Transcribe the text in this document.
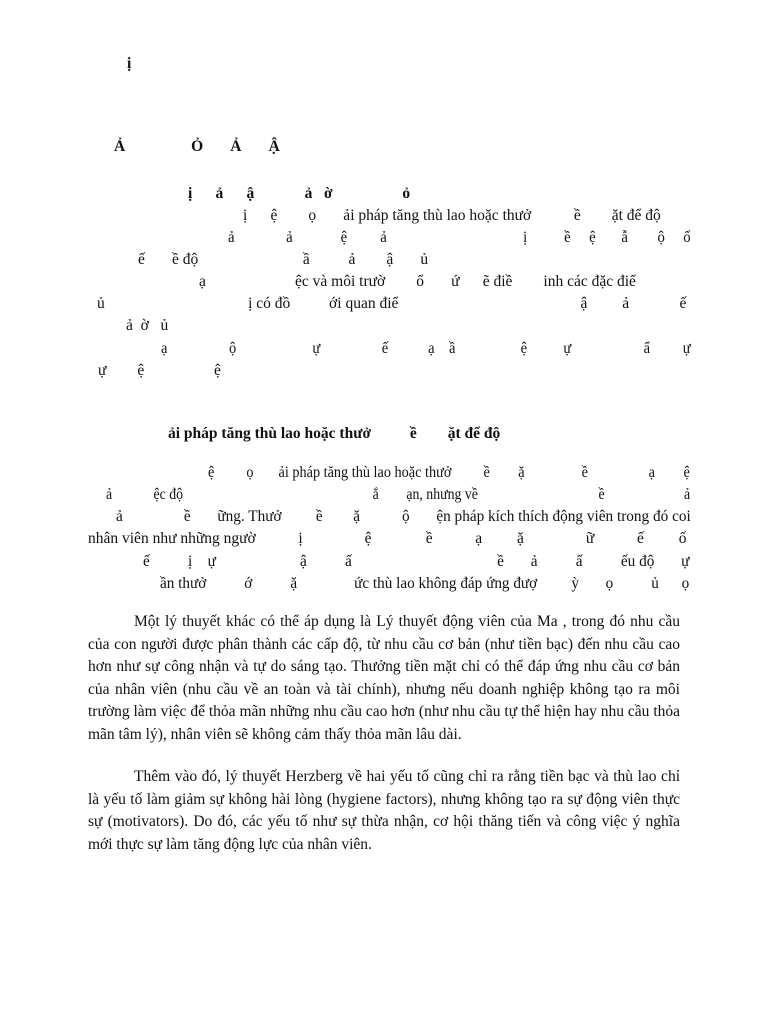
ị
Ả                 Ỏ       Ả       Ậ
ị      ả      ậ             ả   ờ                  ỏ
ị      ệ        ọ       ải pháp tăng thù lao hoặc thưở           ề        ặt để độ
ả              ả             ệ         ả                                     ị          ề     ệ       ẫ        ộ     ố
ế       ề độ                           ầ          ả        ậ       ủ
ạ                       ệc và môi trườ        ổ       ứ      ẽ điề        inh các đặc điể
ủ                                     ị có đồ          ới quan điể                                               ậ         ả             ế
ả  ờ   ủ
ạ                 ộ                     ự                 ế           ạ    ầ                  ệ          ự                    ẩ         ự
ự        ệ                  ệ
ải pháp tăng thù lao hoặc thưở          ề        ặt để độ
ệ         ọ       ải pháp tăng thù lao hoặc thưở         ề        ặ                ề                 ạ        ệ
ả            ệc độ                                                       ắ        ạn, nhưng về                                   ề                       ả
ả                ề       ững. Thưở         ề        ặ           ộ       ện pháp kích thích động viên trong đó coi
nhân viên như những ngườ           ị                ệ              ề           ạ         ặ                ữ           ế         ố
ế          ị    ự                      ậ          ấ                                      ề       ả          ấ          ếu độ       ự
ần thưở          ớ          ặ               ức thù lao không đáp ứng đượ         ỳ       ọ          ủ      ọ

Một lý thuyết khác có thể áp dụng là Lý thuyết động viên của Ma , trong đó nhu cầu của con người được phân thành các cấp độ, từ nhu cầu cơ bản (như tiền bạc) đến nhu cầu cao hơn như sự công nhận và tự do sáng tạo. Thưởng tiền mặt chỉ có thể đáp ứng nhu cầu cơ bản của nhân viên (nhu cầu về an toàn và tài chính), nhưng nếu doanh nghiệp không tạo ra môi trường làm việc để thỏa mãn những nhu cầu cao hơn (như nhu cầu tự thể hiện hay nhu cầu thỏa mãn tâm lý), nhân viên sẽ không cảm thấy thỏa mãn lâu dài.

Thêm vào đó, lý thuyết Herzberg về hai yếu tố cũng chỉ ra rằng tiền bạc và thù lao chỉ là yếu tố làm giảm sự không hài lòng (hygiene factors), nhưng không tạo ra sự động viên thực sự (motivators). Do đó, các yếu tố như sự thừa nhận, cơ hội thăng tiến và công việc ý nghĩa mới thực sự làm tăng động lực của nhân viên.
